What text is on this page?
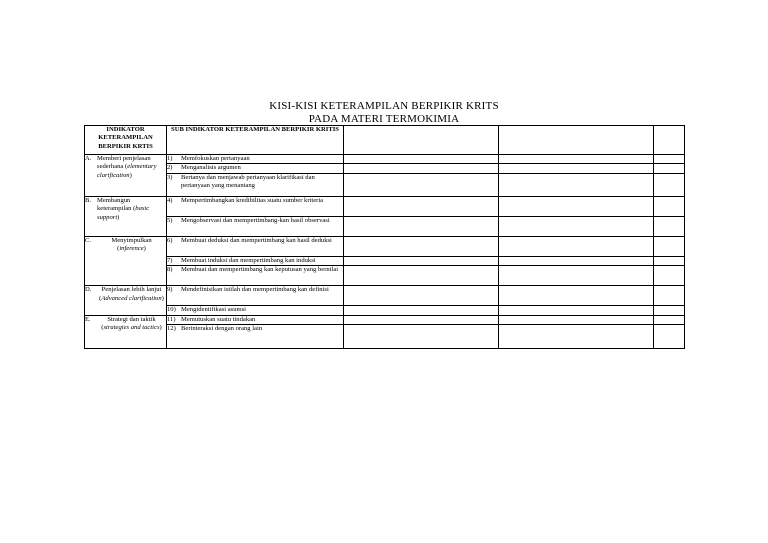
KISI-KISI KETERAMPILAN BERPIKIR KRITS
PADA MATERI TERMOKIMIA
INDIKATOR KETERAMPILAN BERPIKIR KRTIS	SUB INDIKATOR KETERAMPILAN BERPIKIR KRITIS			

A. Memberi penjelasan sederhana (elementary clarification)	1) Memfokuskan pertanyaan			

	2) Menganalisis argumen			

	3) Bertanya dan menjawab pertanyaan klarifikasi dan pertanyaan yang menantang			

B. Membangun keterampilan (basic support)	4) Mempertimbangkan kredibilitas suatu sumber kriteria			

	5) Mengobservasi dan mempertimbang-kan hasil observasi			

C. Menyimpulkan (inference)	6) Membuat deduksi dan mempertimbang kan hasil deduksi			

	7) Membuat induksi dan mempertimbang kan induksi			

	8) Membuat dan mempertimbang kan keputusan yang bernilai			

D. Penjelasan lebih lanjut (Advanced clarification)	9) Mendefinisikan istilah dan mempertimbang kan definisi			

	10) Mengidentifikasi asumsi			

E. Strategi dan taktik (strategies and tactics)	11) Memutuskan suatu tindakan			

	12) Berinteraksi dengan orang lain			
